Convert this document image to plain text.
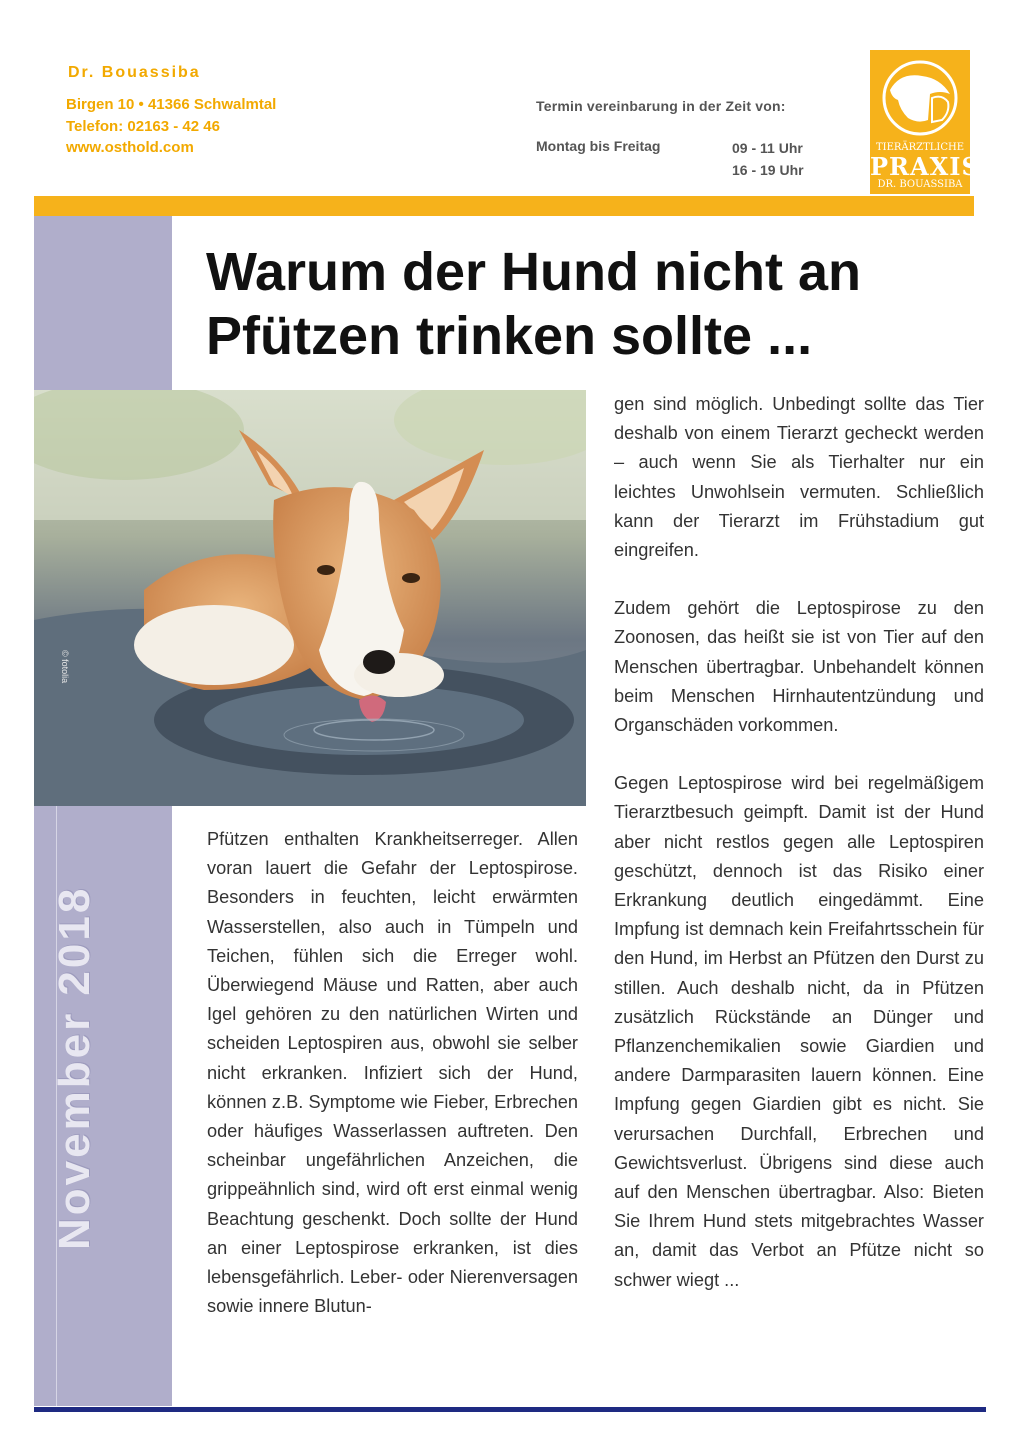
Dr. Bouassiba
Birgen 10 • 41366 Schwalmtal
Telefon: 02163 - 42 46
www.osthold.com
Termin vereinbarung in der Zeit von:
Montag bis Freitag	09 - 11 Uhr
16 - 19 Uhr
TIERÄRZTLICHE
PRAXIS
DR. BOUASSIBA
November 2018
Warum der Hund nicht an
Pfützen trinken sollte ...
© fotolia

Pfützen enthalten Krankheitserreger. Allen voran lauert die Gefahr der Leptospirose. Besonders in feuchten, leicht erwärmten Wasserstellen, also auch in Tümpeln und Teichen, fühlen sich die Erreger wohl. Überwiegend Mäuse und Ratten, aber auch Igel gehören zu den natürlichen Wirten und scheiden Leptospiren aus, obwohl sie selber nicht erkranken. Infiziert sich der Hund, können z.B. Symptome wie Fieber, Erbrechen oder häufiges Wasserlassen auftreten. Den scheinbar ungefährlichen Anzeichen, die grippeähnlich sind, wird oft erst einmal wenig Beachtung geschenkt. Doch sollte der Hund an einer Leptospirose erkranken, ist dies lebensgefährlich. Leber- oder Nierenversagen sowie innere Blutun-

gen sind möglich. Unbedingt sollte das Tier deshalb von einem Tierarzt gecheckt werden – auch wenn Sie als Tierhalter nur ein leichtes Unwohlsein vermuten. Schließlich kann der Tierarzt im Frühstadium gut eingreifen.

Zudem gehört die Leptospirose zu den Zoonosen, das heißt sie ist von Tier auf den Menschen übertragbar. Unbehandelt können beim Menschen Hirnhautentzündung und Organschäden vorkommen.

Gegen Leptospirose wird bei regelmäßigem Tierarztbesuch geimpft. Damit ist der Hund aber nicht restlos gegen alle Leptospiren geschützt, dennoch ist das Risiko einer Erkrankung deutlich eingedämmt. Eine Impfung ist demnach kein Freifahrtsschein für den Hund, im Herbst an Pfützen den Durst zu stillen. Auch deshalb nicht, da in Pfützen zusätzlich Rückstände an Dünger und Pflanzenchemikalien sowie Giardien und andere Darmparasiten lauern können. Eine Impfung gegen Giardien gibt es nicht. Sie verursachen Durchfall, Erbrechen und Gewichtsverlust. Übrigens sind diese auch auf den Menschen übertragbar. Also: Bieten Sie Ihrem Hund stets mitgebrachtes Wasser an, damit das Verbot an Pfütze nicht so schwer wiegt ...
